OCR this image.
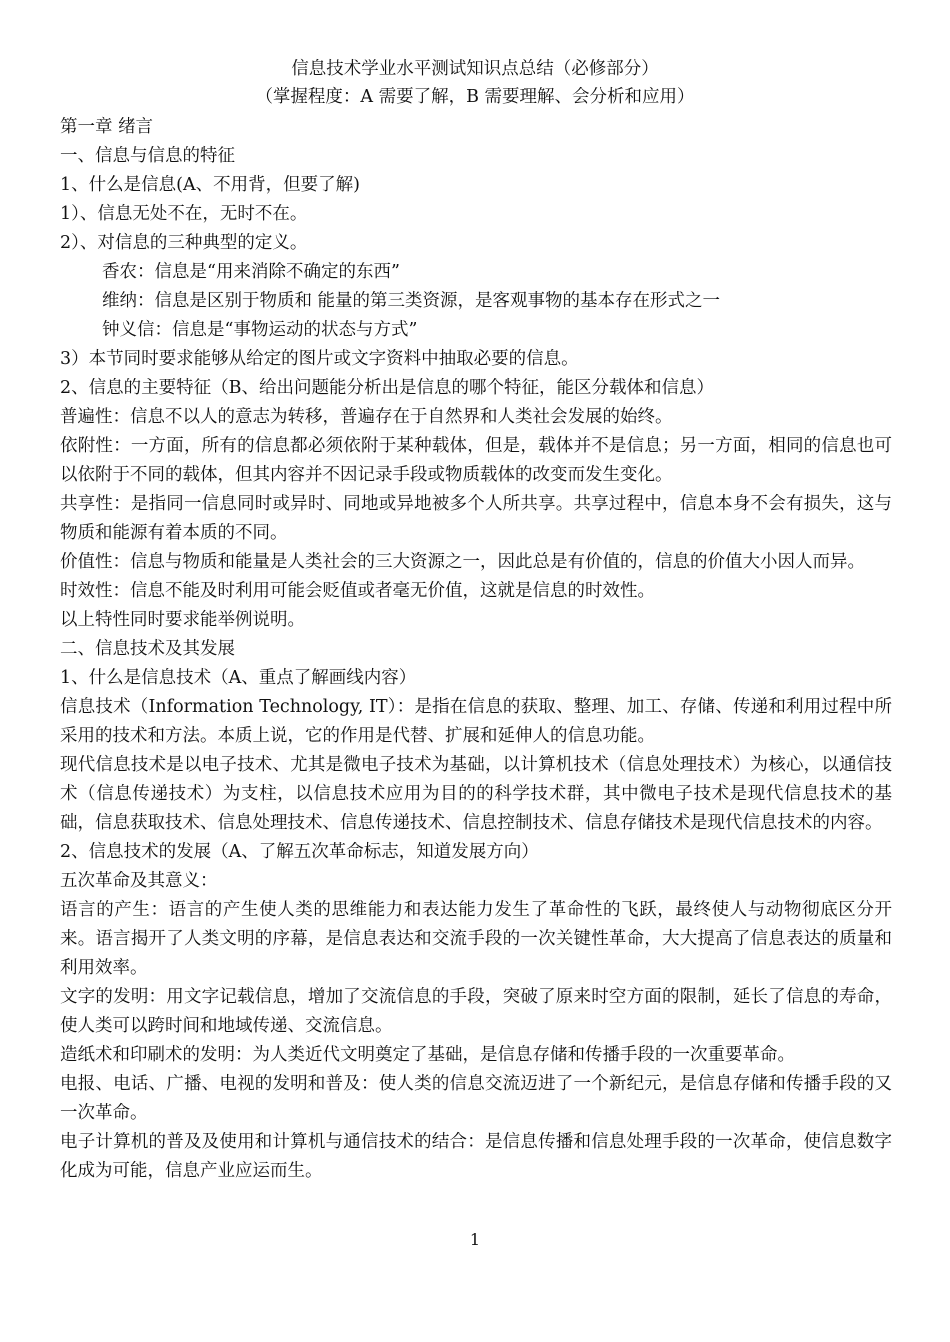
信息技术学业水平测试知识点总结（必修部分）
（掌握程度：A 需要了解，B 需要理解、会分析和应用）

第一章 绪言

一、信息与信息的特征

1、什么是信息(A、不用背，但要了解)

1）、信息无处不在，无时不在。

2）、对信息的三种典型的定义。

香农：信息是“用来消除不确定的东西”

维纳：信息是区别于物质和 能量的第三类资源，是客观事物的基本存在形式之一

钟义信：信息是“事物运动的状态与方式”

3）本节同时要求能够从给定的图片或文字资料中抽取必要的信息。

2、信息的主要特征（B、给出问题能分析出是信息的哪个特征，能区分载体和信息）

普遍性：信息不以人的意志为转移，普遍存在于自然界和人类社会发展的始终。

依附性：一方面，所有的信息都必须依附于某种载体，但是，载体并不是信息；另一方面，相同的信息也可以依附于不同的载体，但其内容并不因记录手段或物质载体的改变而发生变化。

共享性：是指同一信息同时或异时、同地或异地被多个人所共享。共享过程中，信息本身不会有损失，这与物质和能源有着本质的不同。

价值性：信息与物质和能量是人类社会的三大资源之一，因此总是有价值的，信息的价值大小因人而异。

时效性：信息不能及时利用可能会贬值或者毫无价值，这就是信息的时效性。

以上特性同时要求能举例说明。

二、信息技术及其发展

1、什么是信息技术（A、重点了解画线内容）

信息技术（Information Technology, IT）：是指在信息的获取、整理、加工、存储、传递和利用过程中所采用的技术和方法。本质上说，它的作用是代替、扩展和延伸人的信息功能。

现代信息技术是以电子技术、尤其是微电子技术为基础，以计算机技术（信息处理技术）为核心，以通信技术（信息传递技术）为支柱，以信息技术应用为目的的科学技术群，其中微电子技术是现代信息技术的基础，信息获取技术、信息处理技术、信息传递技术、信息控制技术、信息存储技术是现代信息技术的内容。

2、信息技术的发展（A、了解五次革命标志，知道发展方向）

五次革命及其意义：

语言的产生：语言的产生使人类的思维能力和表达能力发生了革命性的飞跃，最终使人与动物彻底区分开来。语言揭开了人类文明的序幕，是信息表达和交流手段的一次关键性革命，大大提高了信息表达的质量和利用效率。

文字的发明：用文字记载信息，增加了交流信息的手段，突破了原来时空方面的限制，延长了信息的寿命，使人类可以跨时间和地域传递、交流信息。

造纸术和印刷术的发明：为人类近代文明奠定了基础，是信息存储和传播手段的一次重要革命。

电报、电话、广播、电视的发明和普及：使人类的信息交流迈进了一个新纪元，是信息存储和传播手段的又一次革命。

电子计算机的普及及使用和计算机与通信技术的结合：是信息传播和信息处理手段的一次革命，使信息数字化成为可能，信息产业应运而生。

1
